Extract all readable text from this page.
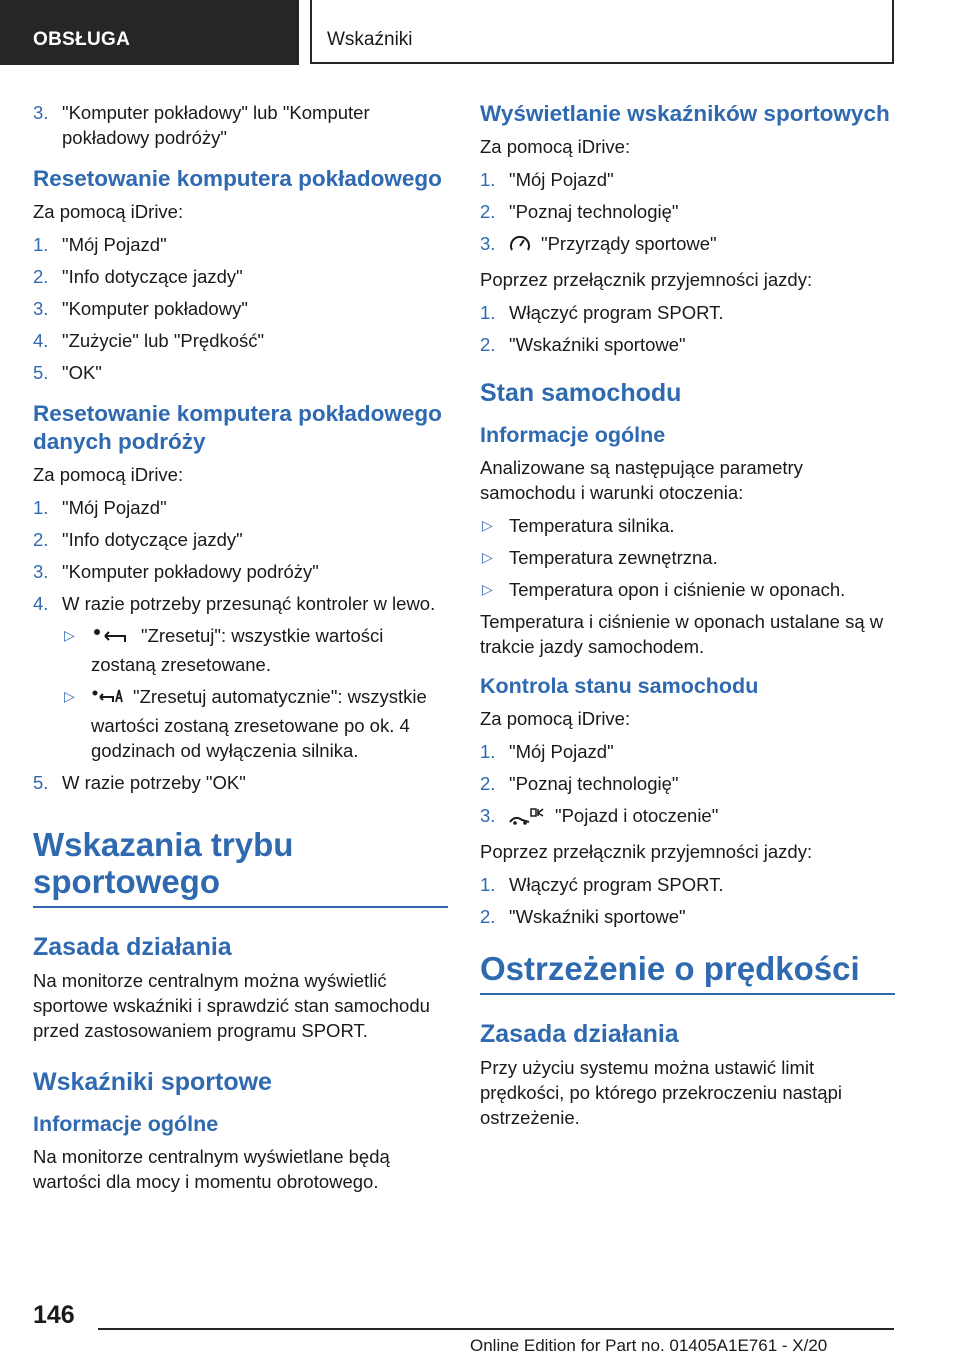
OBSŁUGA	Wskaźniki
3. "Komputer pokładowy" lub "Komputer pokładowy podróży"
Resetowanie komputera pokładowego

Za pomocą iDrive:

1. "Mój Pojazd"
2. "Info dotyczące jazdy"
3. "Komputer pokładowy"
4. "Zużycie" lub "Prędkość"
5. "OK"
Resetowanie komputera pokładowego danych podróży

Za pomocą iDrive:

1. "Mój Pojazd"
2. "Info dotyczące jazdy"
3. "Komputer pokładowy podróży"
4. W razie potrzeby przesunąć kontroler w lewo.
▷	"Zresetuj": wszystkie wartości zostaną zresetowane.
▷	"Zresetuj automatycznie": wszystkie wartości zostaną zresetowane po ok. 4 godzinach od wyłączenia silnika.
5. W razie potrzeby "OK"
Wskazania trybu sportowego
Zasada działania

Na monitorze centralnym można wyświetlić sportowe wskaźniki i sprawdzić stan samochodu przed zastosowaniem programu SPORT.

Wskaźniki sportowe
Informacje ogólne

Na monitorze centralnym wyświetlane będą wartości dla mocy i momentu obrotowego.

Wyświetlanie wskaźników sportowych

Za pomocą iDrive:

1. "Mój Pojazd"
2. "Poznaj technologię"
3. "Przyrządy sportowe"

Poprzez przełącznik przyjemności jazdy:

1. Włączyć program SPORT.
2. "Wskaźniki sportowe"
Stan samochodu
Informacje ogólne

Analizowane są następujące parametry samochodu i warunki otoczenia:

▷ Temperatura silnika.
▷ Temperatura zewnętrzna.
▷ Temperatura opon i ciśnienie w oponach.

Temperatura i ciśnienie w oponach ustalane są w trakcie jazdy samochodem.

Kontrola stanu samochodu

Za pomocą iDrive:

1. "Mój Pojazd"
2. "Poznaj technologię"
3.	"Pojazd i otoczenie"

Poprzez przełącznik przyjemności jazdy:

1. Włączyć program SPORT.
2. "Wskaźniki sportowe"
Ostrzeżenie o prędkości
Zasada działania

Przy użyciu systemu można ustawić limit prędkości, po którego przekroczeniu nastąpi ostrzeżenie.

146
Online Edition for Part no. 01405A1E761 - X/20
